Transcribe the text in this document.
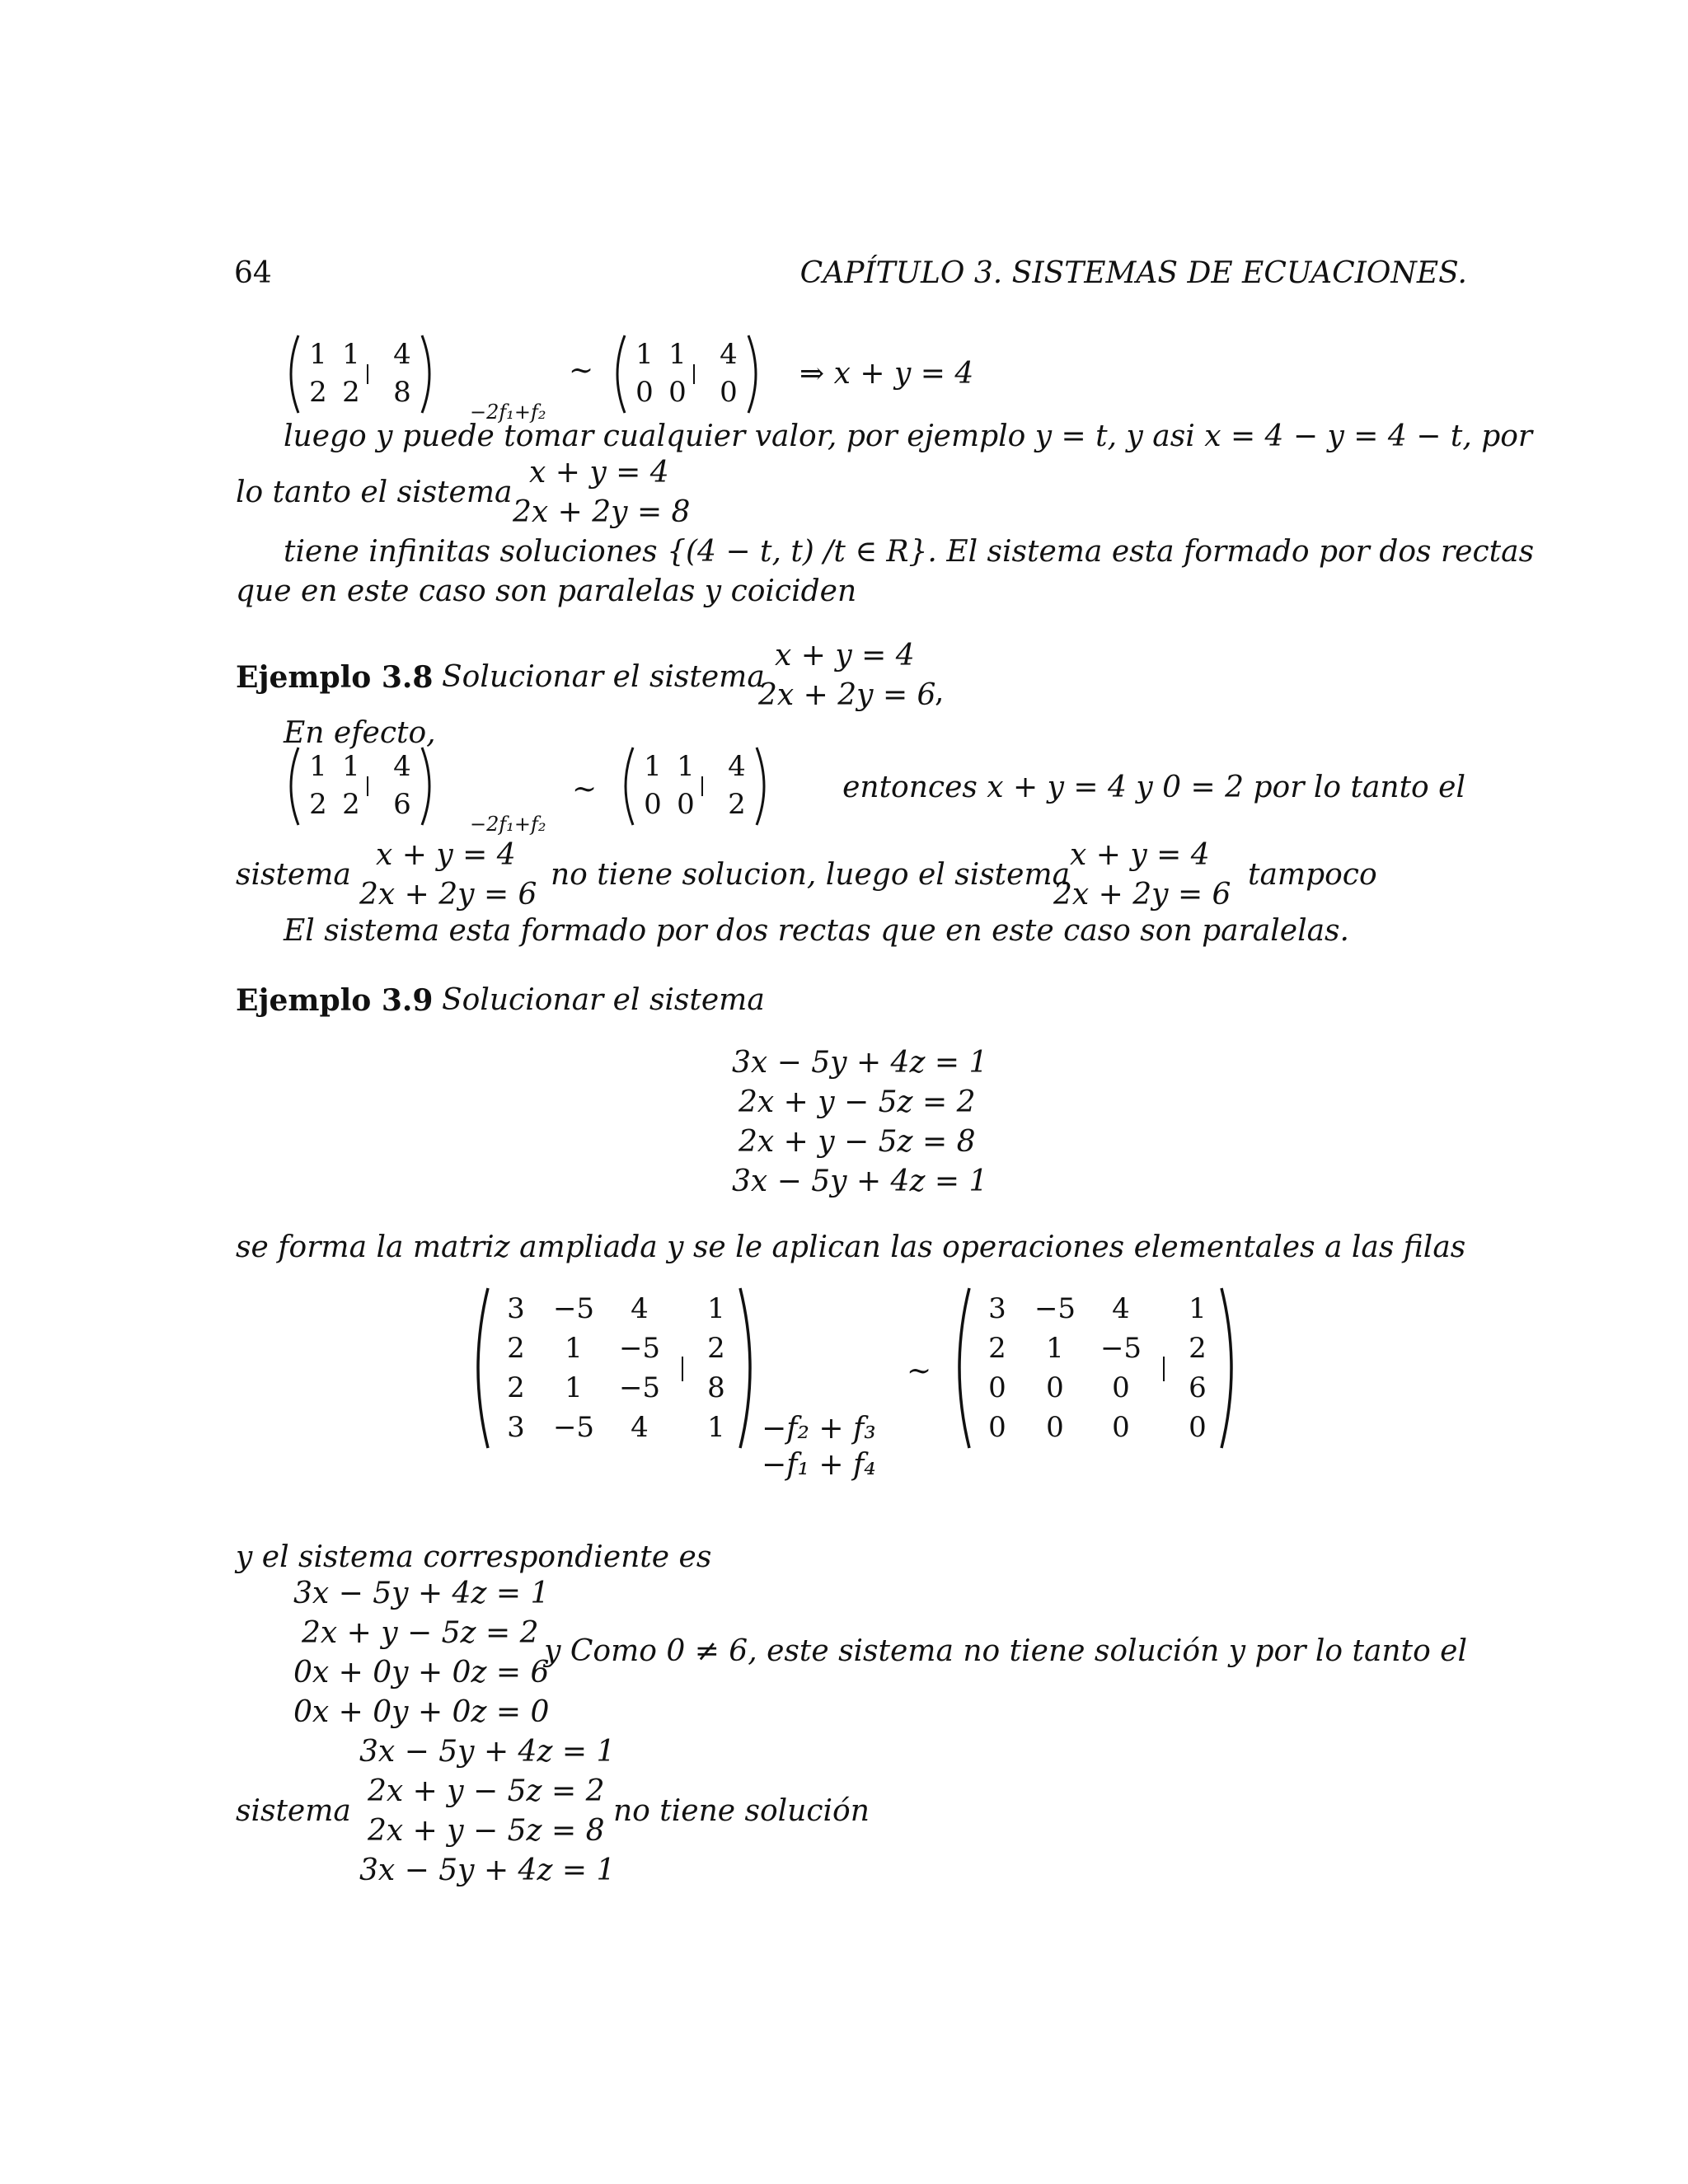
64	CAPÍTULO 3. SISTEMAS DE ECUACIONES.
1 1 4
2 2 8
−2f₁+f₂
∼ 1 1 4
0 0 0
⇒ x + y = 4
luego y puede tomar cualquier valor, por ejemplo y = t, y asi x = 4 − y = 4 − t, por
lo tanto el sistema
x + y = 4
2x + 2y = 8
tiene infinitas soluciones {(4 − t, t) /t ∈ R}. El sistema esta formado por dos rectas
que en este caso son paralelas y coiciden
Ejemplo 3.8 Solucionar el sistema
x + y = 4
2x + 2y = 6
,
En efecto,
1 1 4
2 2 6
−2f₁+f₂
∼
1 1 4
0 0 2	entonces x + y = 4 y 0 = 2 por lo tanto el
sistema
x + y = 4
2x + 2y = 6
no tiene solucion, luego el sistema
x + y = 4
2x + 2y = 6
tampoco
El sistema esta formado por dos rectas que en este caso son paralelas.
Ejemplo 3.9 Solucionar el sistema
3x − 5y + 4z = 1
2x + y − 5z = 2
2x + y − 5z = 8
3x − 5y + 4z = 1
se forma la matriz ampliada y se le aplican las operaciones elementales a las filas
3	−5	4	1
2	1	−5	2
2	1	−5	8
3	−5	4	1	−f₂ + f₃
−f₁ + f₄
∼
3	−5	4	1
2	1	−5	2
0	0	0	6
0	0	0	0
y el sistema correspondiente es
3x − 5y + 4z = 1
2x + y − 5z = 2
0x + 0y + 0z = 6
0x + 0y + 0z = 0
y Como 0 ≠ 6, este sistema no tiene solución y por lo tanto el
sistema
3x − 5y + 4z = 1
2x + y − 5z = 2
2x + y − 5z = 8
3x − 5y + 4z = 1
no tiene solución
